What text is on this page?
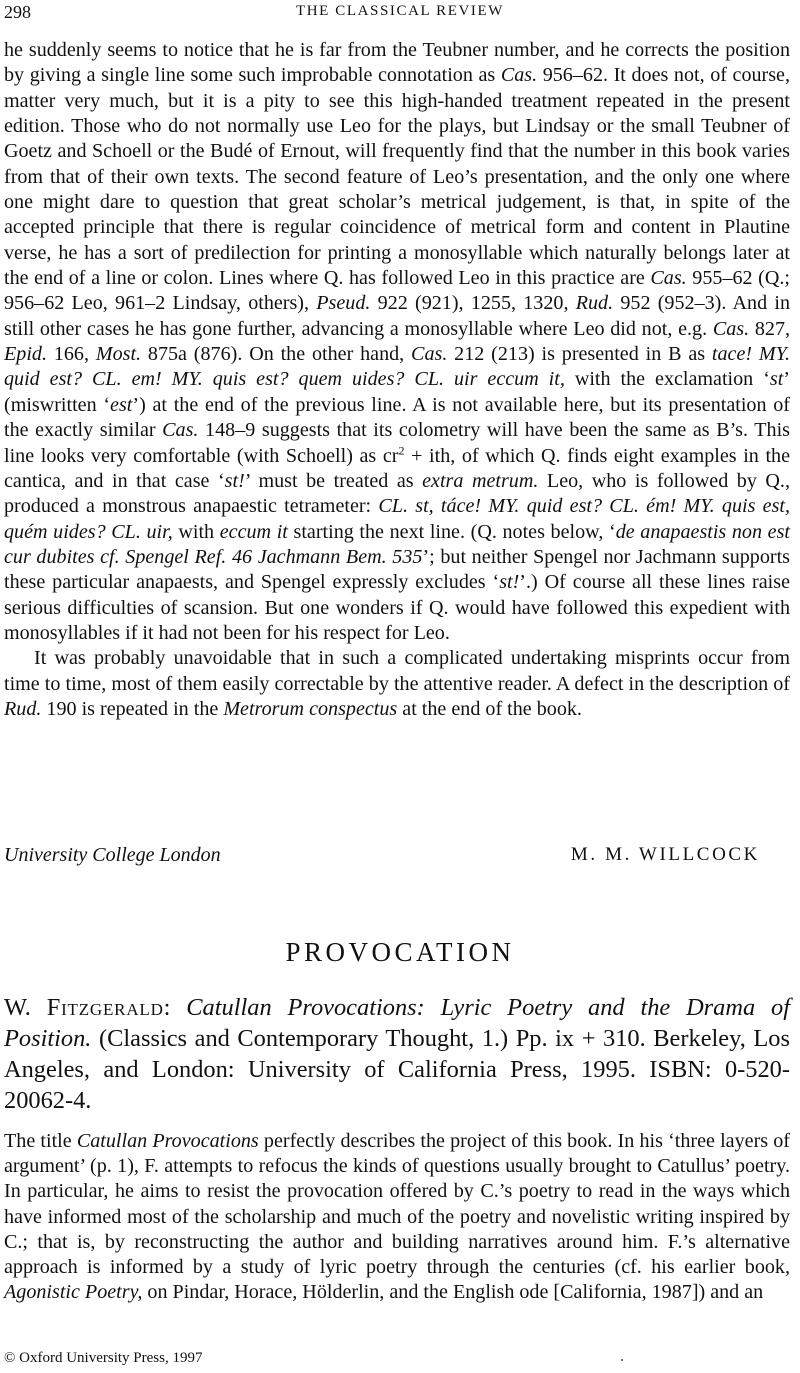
298	THE CLASSICAL REVIEW

he suddenly seems to notice that he is far from the Teubner number, and he corrects the position by giving a single line some such improbable connotation as Cas. 956–62. It does not, of course, matter very much, but it is a pity to see this high-handed treatment repeated in the present edition. Those who do not normally use Leo for the plays, but Lindsay or the small Teubner of Goetz and Schoell or the Budé of Ernout, will frequently find that the number in this book varies from that of their own texts. The second feature of Leo’s presentation, and the only one where one might dare to question that great scholar’s metrical judgement, is that, in spite of the accepted principle that there is regular coincidence of metrical form and content in Plautine verse, he has a sort of predilection for printing a monosyllable which naturally belongs later at the end of a line or colon. Lines where Q. has followed Leo in this practice are Cas. 955–62 (Q.; 956–62 Leo, 961–2 Lindsay, others), Pseud. 922 (921), 1255, 1320, Rud. 952 (952–3). And in still other cases he has gone further, advancing a monosyllable where Leo did not, e.g. Cas. 827, Epid. 166, Most. 875a (876). On the other hand, Cas. 212 (213) is presented in B as tace! MY. quid est? CL. em! MY. quis est? quem uides? CL. uir eccum it, with the exclamation ‘st’ (miswritten ‘est’) at the end of the previous line. A is not available here, but its presentation of the exactly similar Cas. 148–9 suggests that its colometry will have been the same as B’s. This line looks very comfortable (with Schoell) as $cr^2$ + ith, of which Q. finds eight examples in the cantica, and in that case ‘st!’ must be treated as extra metrum. Leo, who is followed by Q., produced a monstrous anapaestic tetrameter: CL. st, táce! MY. quid est? CL. ém! MY. quis est, quém uides? CL. uir, with eccum it starting the next line. (Q. notes below, ‘de anapaestis non est cur dubites cf. Spengel Ref. 46 Jachmann Bem. 535’; but neither Spengel nor Jachmann supports these particular anapaests, and Spengel expressly excludes ‘st!’.) Of course all these lines raise serious difficulties of scansion. But one wonders if Q. would have followed this expedient with monosyllables if it had not been for his respect for Leo.

It was probably unavoidable that in such a complicated undertaking misprints occur from time to time, most of them easily correctable by the attentive reader. A defect in the description of Rud. 190 is repeated in the Metrorum conspectus at the end of the book.

University College London	M. M. WILLCOCK
PROVOCATION

W. Fitzgerald: Catullan Provocations: Lyric Poetry and the Drama of Position. (Classics and Contemporary Thought, 1.) Pp. ix + 310. Berkeley, Los Angeles, and London: University of California Press, 1995. ISBN: 0-520-20062-4.

The title Catullan Provocations perfectly describes the project of this book. In his ‘three layers of argument’ (p. 1), F. attempts to refocus the kinds of questions usually brought to Catullus’ poetry. In particular, he aims to resist the provocation offered by C.’s poetry to read in the ways which have informed most of the scholarship and much of the poetry and novelistic writing inspired by C.; that is, by reconstructing the author and building narratives around him. F.’s alternative approach is informed by a study of lyric poetry through the centuries (cf. his earlier book, Agonistic Poetry, on Pindar, Horace, Hölderlin, and the English ode [California, 1987]) and an

© Oxford University Press, 1997
